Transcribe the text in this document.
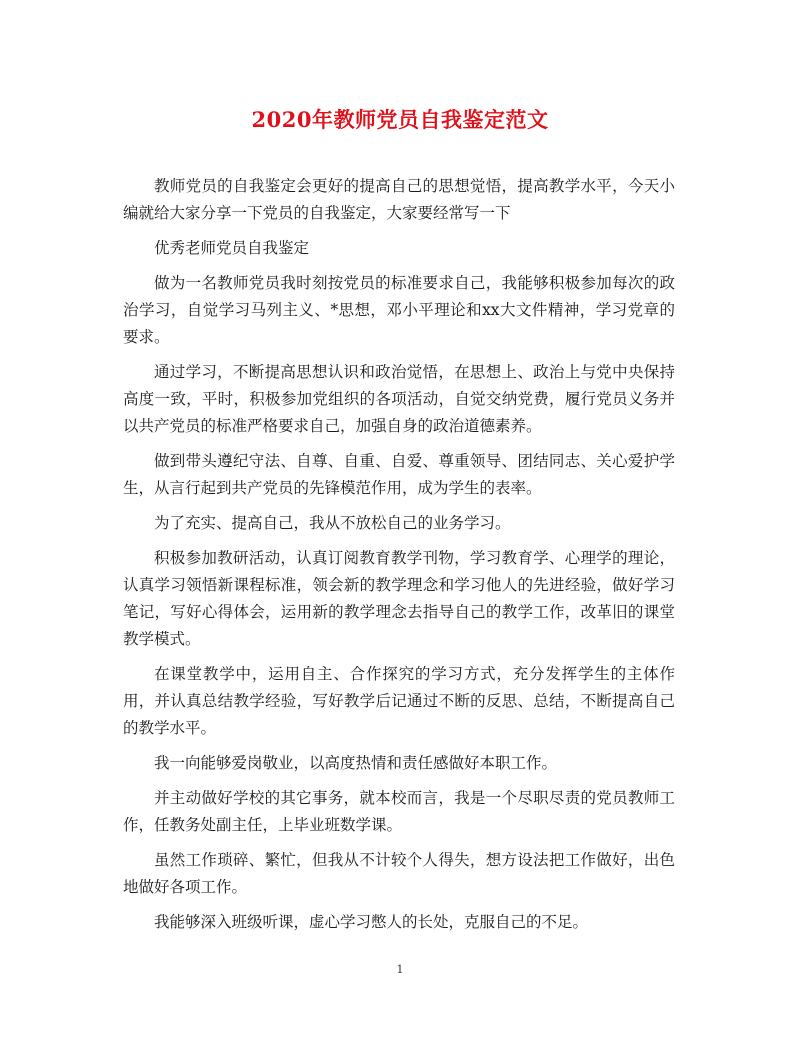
2020年教师党员自我鉴定范文

教师党员的自我鉴定会更好的提高自己的思想觉悟，提高教学水平，今天小编就给大家分享一下党员的自我鉴定，大家要经常写一下

优秀老师党员自我鉴定

做为一名教师党员我时刻按党员的标准要求自己，我能够积极参加每次的政治学习，自觉学习马列主义、*思想，邓小平理论和xx大文件精神，学习党章的要求。

通过学习，不断提高思想认识和政治觉悟，在思想上、政治上与党中央保持高度一致，平时，积极参加党组织的各项活动，自觉交纳党费，履行党员义务并以共产党员的标准严格要求自己，加强自身的政治道德素养。

做到带头遵纪守法、自尊、自重、自爱、尊重领导、团结同志、关心爱护学生，从言行起到共产党员的先锋模范作用，成为学生的表率。

为了充实、提高自己，我从不放松自己的业务学习。

积极参加教研活动，认真订阅教育教学刊物，学习教育学、心理学的理论，认真学习领悟新课程标准，领会新的教学理念和学习他人的先进经验，做好学习笔记，写好心得体会，运用新的教学理念去指导自己的教学工作，改革旧的课堂教学模式。

在课堂教学中，运用自主、合作探究的学习方式，充分发挥学生的主体作用，并认真总结教学经验，写好教学后记通过不断的反思、总结，不断提高自己的教学水平。

我一向能够爱岗敬业，以高度热情和责任感做好本职工作。

并主动做好学校的其它事务，就本校而言，我是一个尽职尽责的党员教师工作，任教务处副主任，上毕业班数学课。

虽然工作琐碎、繁忙，但我从不计较个人得失，想方设法把工作做好，出色地做好各项工作。

我能够深入班级听课，虚心学习憋人的长处，克服自己的不足。

1
